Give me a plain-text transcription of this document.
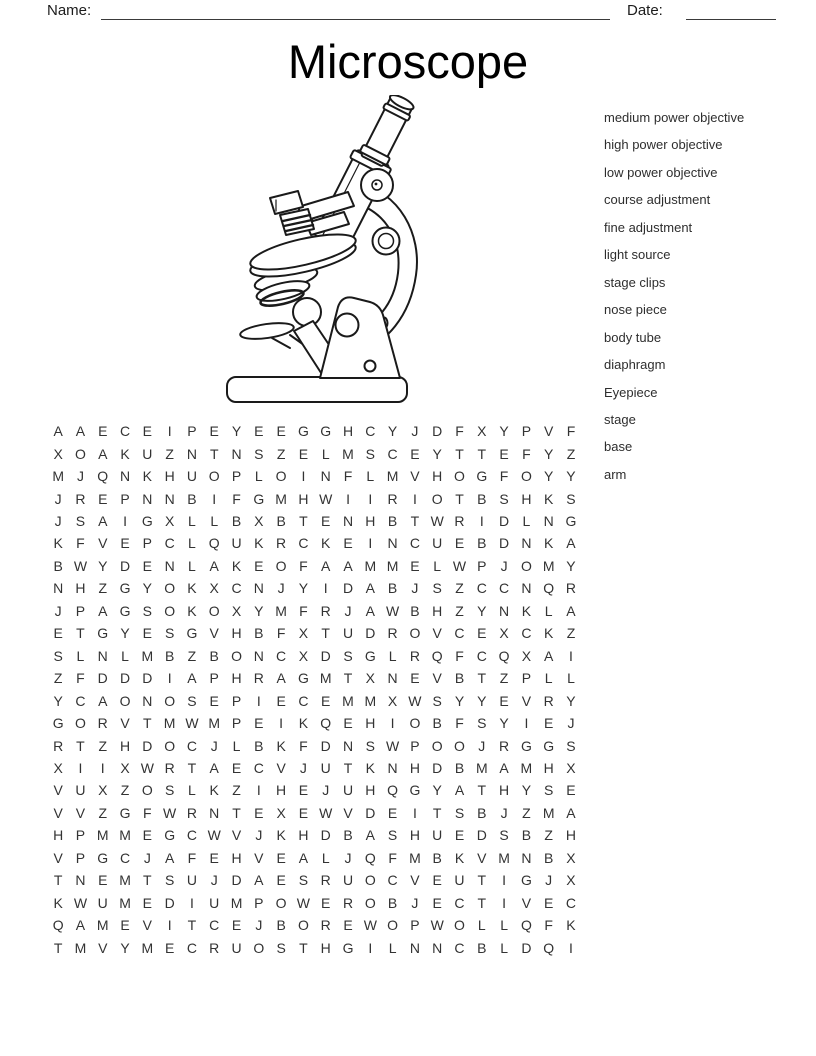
Name:	Date:
Microscope
medium power objective
high power objective
low power objective
course adjustment
fine adjustment
light source
stage clips
nose piece
body tube
diaphragm
Eyepiece
stage
base
arm
A A E C E	I	P E Y E E G G H C Y	J D F X Y P V F
X O A K U Z N T N S Z E L M S C E Y T T E F Y Z
M J Q N K H U O P L O	I	N F	L M V H O G F O Y Y
J R E P N N B	I	F G M H W I	I	R	I	O T B S H K S
J	S A	I	G X L	L B X B T E N H B T W R	I	D L N G
K F V E P C L Q U K R C K E	I	N C U E B D N K A
B W Y D E N L A K E O F A A M M E L W P	J O M Y
N H Z G Y O K X C N J	Y	I	D A B	J	S Z C C N Q R
J	P A G S O K O X Y M F R J	A W B H Z Y N K L A
E T G Y E S G V H B F X T U D R O V C E X C K Z
S L N L M B Z B O N C X D S G L R Q F C Q X A	I
Z F D D D	I	A P H R A G M T X N E V B T Z P L	L
Y C A O N O S E P	I	E C E M M X W S Y Y E V R Y
G O R V T M W M P E	I	K Q E H	I	O B F S Y	I	E	J
R T Z H D O C J	L B K F D N S W P O O J R G G S
X	I	I	X W R T A E C V	J U T K N H D B M A M H X
V U X Z O S L K Z	I	H E	J U H Q G Y A T H Y S E
V V Z G F W R N T E X E W V D E	I	T S B	J	Z M A
H P M M E G C W V	J	K H D B A S H U E D S B Z H
V P G C J	A F E H V E A L	J Q F M B K V M N B X
T N E M T S U J D A E S R U O C V E U T	I	G J	X
K W U M E D	I	U M P O W E R O B	J	E C T	I	V E C
Q A M E V	I	T C E	J	B O R E W O P W O L	L Q F K
T M V Y M E C R U O S T H G	I	L N N C B L D Q	I
